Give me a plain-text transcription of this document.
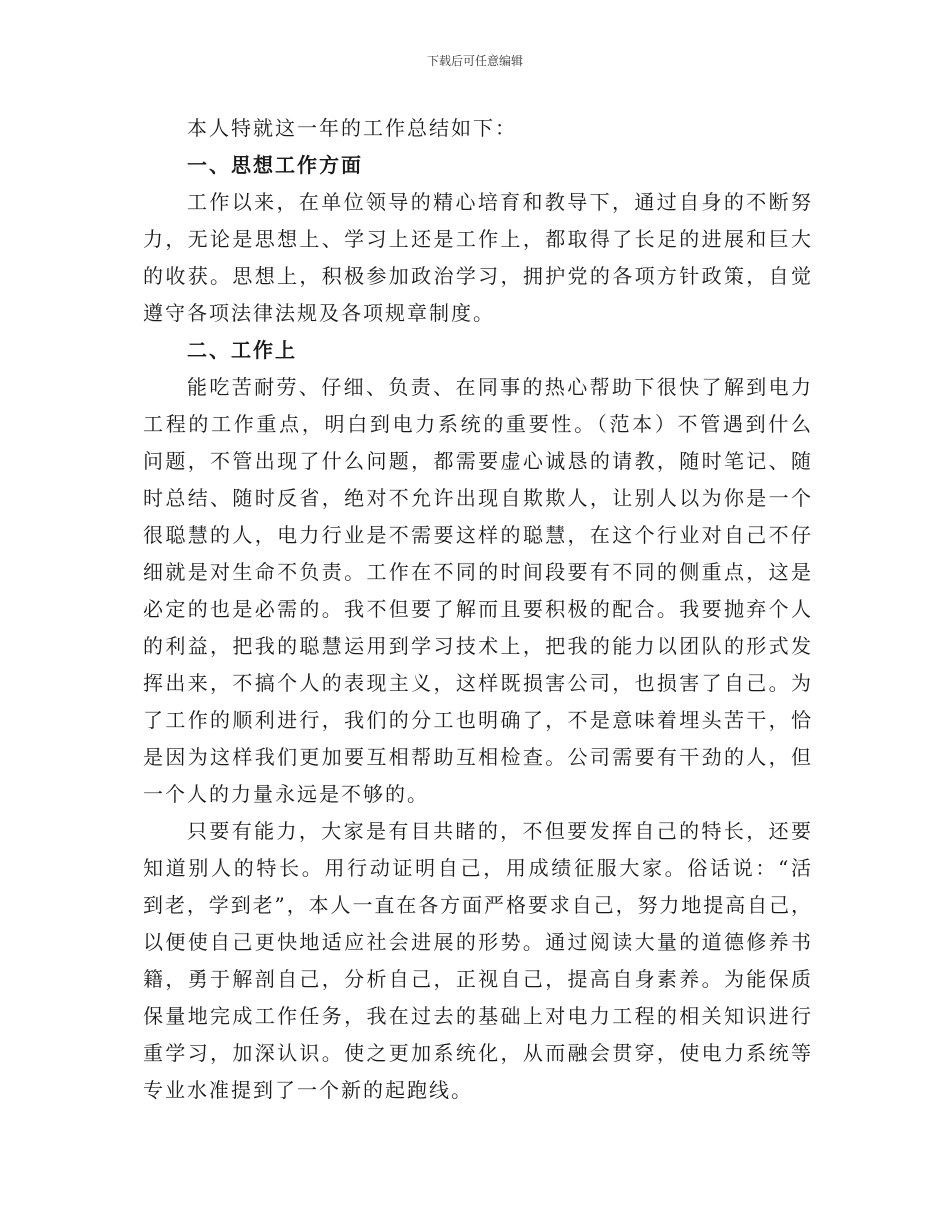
下载后可任意编辑
本人特就这一年的工作总结如下：
一、思想工作方面
工作以来，在单位领导的精心培育和教导下，通过自身的不断努
力，无论是思想上、学习上还是工作上，都取得了长足的进展和巨大
的收获。思想上，积极参加政治学习，拥护党的各项方针政策，自觉
遵守各项法律法规及各项规章制度。
二、工作上
能吃苦耐劳、仔细、负责、在同事的热心帮助下很快了解到电力
工程的工作重点，明白到电力系统的重要性。（范本）不管遇到什么
问题，不管出现了什么问题，都需要虚心诚恳的请教，随时笔记、随
时总结、随时反省，绝对不允许出现自欺欺人，让别人以为你是一个
很聪慧的人，电力行业是不需要这样的聪慧，在这个行业对自己不仔
细就是对生命不负责。工作在不同的时间段要有不同的侧重点，这是
必定的也是必需的。我不但要了解而且要积极的配合。我要抛弃个人
的利益，把我的聪慧运用到学习技术上，把我的能力以团队的形式发
挥出来，不搞个人的表现主义，这样既损害公司，也损害了自己。为
了工作的顺利进行，我们的分工也明确了，不是意味着埋头苦干，恰
是因为这样我们更加要互相帮助互相检查。公司需要有干劲的人，但
一个人的力量永远是不够的。
只要有能力，大家是有目共睹的，不但要发挥自己的特长，还要
知道别人的特长。用行动证明自己，用成绩征服大家。俗话说：“活
到老，学到老”，本人一直在各方面严格要求自己，努力地提高自己，
以便使自己更快地适应社会进展的形势。通过阅读大量的道德修养书
籍，勇于解剖自己，分析自己，正视自己，提高自身素养。为能保质
保量地完成工作任务，我在过去的基础上对电力工程的相关知识进行
重学习，加深认识。使之更加系统化，从而融会贯穿，使电力系统等
专业水准提到了一个新的起跑线。
